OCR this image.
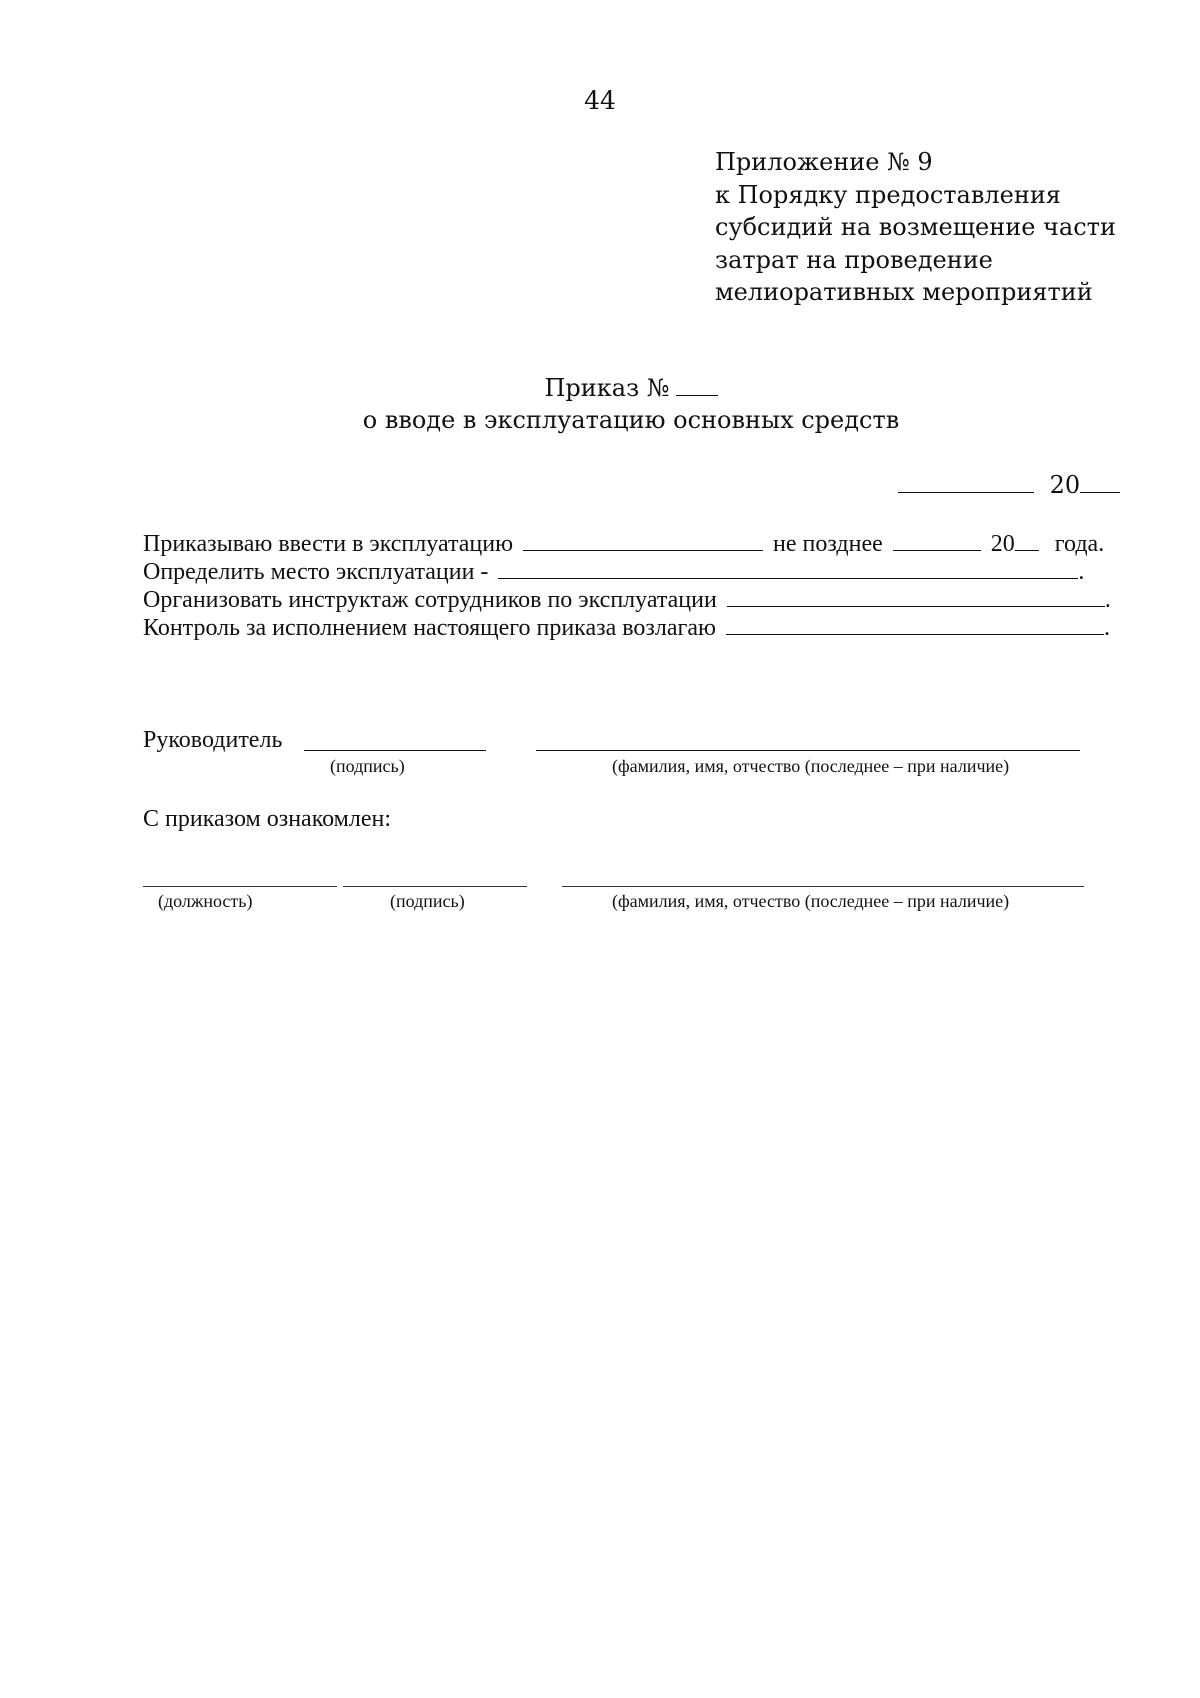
44
Приложение № 9
к Порядку предоставления
субсидий на возмещение части
затрат на проведение
мелиоративных мероприятий
Приказ №
о вводе в эксплуатацию основных средств
20
Приказываю ввести в эксплуатацию	не позднее	20 года.
Определить место эксплуатации -	.
Организовать инструктаж сотрудников по эксплуатации	.
Контроль за исполнением настоящего приказа возлагаю	.
Руководитель
(подпись)	(фамилия, имя, отчество (последнее – при наличие)
С приказом ознакомлен:
(должность)	(подпись)	(фамилия, имя, отчество (последнее – при наличие)
